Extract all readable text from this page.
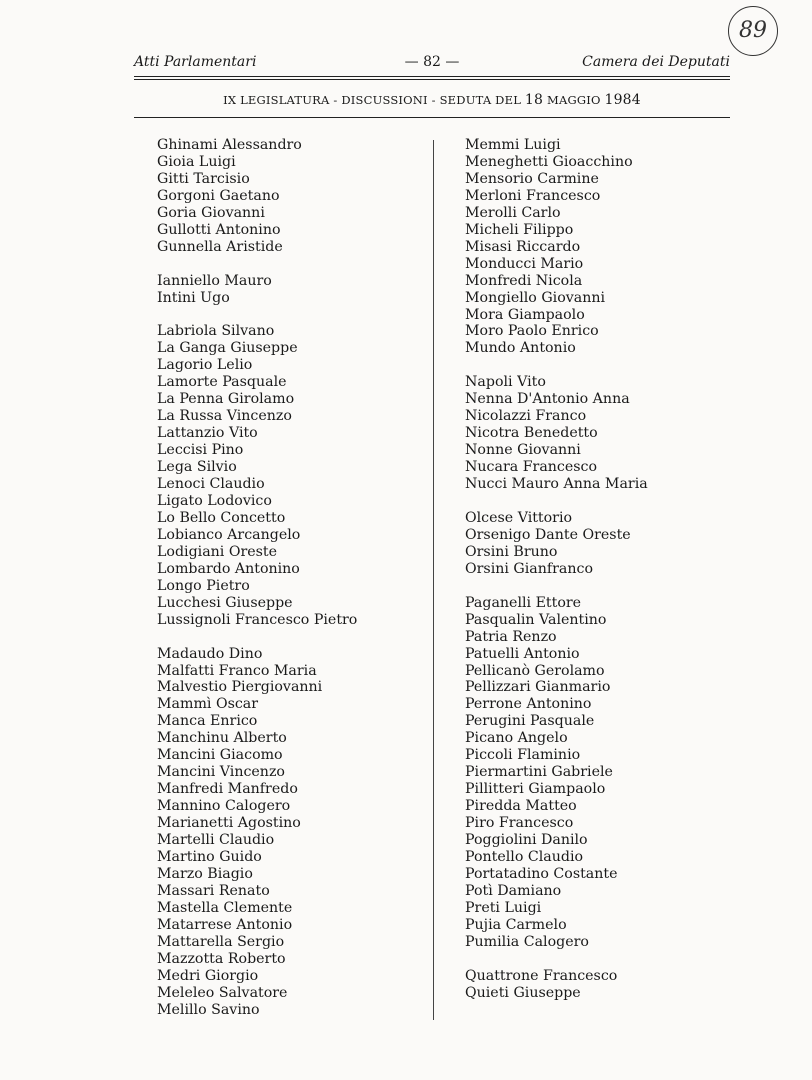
Atti Parlamentari	— 82 —	Camera dei Deputati
89
IX LEGISLATURA - DISCUSSIONI - SEDUTA DEL 18 MAGGIO 1984
Ghinami Alessandro
Gioia Luigi
Gitti Tarcisio
Gorgoni Gaetano
Goria Giovanni
Gullotti Antonino
Gunnella Aristide
Ianniello Mauro
Intini Ugo
Labriola Silvano
La Ganga Giuseppe
Lagorio Lelio
Lamorte Pasquale
La Penna Girolamo
La Russa Vincenzo
Lattanzio Vito
Leccisi Pino
Lega Silvio
Lenoci Claudio
Ligato Lodovico
Lo Bello Concetto
Lobianco Arcangelo
Lodigiani Oreste
Lombardo Antonino
Longo Pietro
Lucchesi Giuseppe
Lussignoli Francesco Pietro
Madaudo Dino
Malfatti Franco Maria
Malvestio Piergiovanni
Mammì Oscar
Manca Enrico
Manchinu Alberto
Mancini Giacomo
Mancini Vincenzo
Manfredi Manfredo
Mannino Calogero
Marianetti Agostino
Martelli Claudio
Martino Guido
Marzo Biagio
Massari Renato
Mastella Clemente
Matarrese Antonio
Mattarella Sergio
Mazzotta Roberto
Medri Giorgio
Meleleo Salvatore
Melillo Savino
Memmi Luigi
Meneghetti Gioacchino
Mensorio Carmine
Merloni Francesco
Merolli Carlo
Micheli Filippo
Misasi Riccardo
Monducci Mario
Monfredi Nicola
Mongiello Giovanni
Mora Giampaolo
Moro Paolo Enrico
Mundo Antonio
Napoli Vito
Nenna D'Antonio Anna
Nicolazzi Franco
Nicotra Benedetto
Nonne Giovanni
Nucara Francesco
Nucci Mauro Anna Maria
Olcese Vittorio
Orsenigo Dante Oreste
Orsini Bruno
Orsini Gianfranco
Paganelli Ettore
Pasqualin Valentino
Patria Renzo
Patuelli Antonio
Pellicanò Gerolamo
Pellizzari Gianmario
Perrone Antonino
Perugini Pasquale
Picano Angelo
Piccoli Flaminio
Piermartini Gabriele
Pillitteri Giampaolo
Piredda Matteo
Piro Francesco
Poggiolini Danilo
Pontello Claudio
Portatadino Costante
Potì Damiano
Preti Luigi
Pujia Carmelo
Pumilia Calogero
Quattrone Francesco
Quieti Giuseppe
